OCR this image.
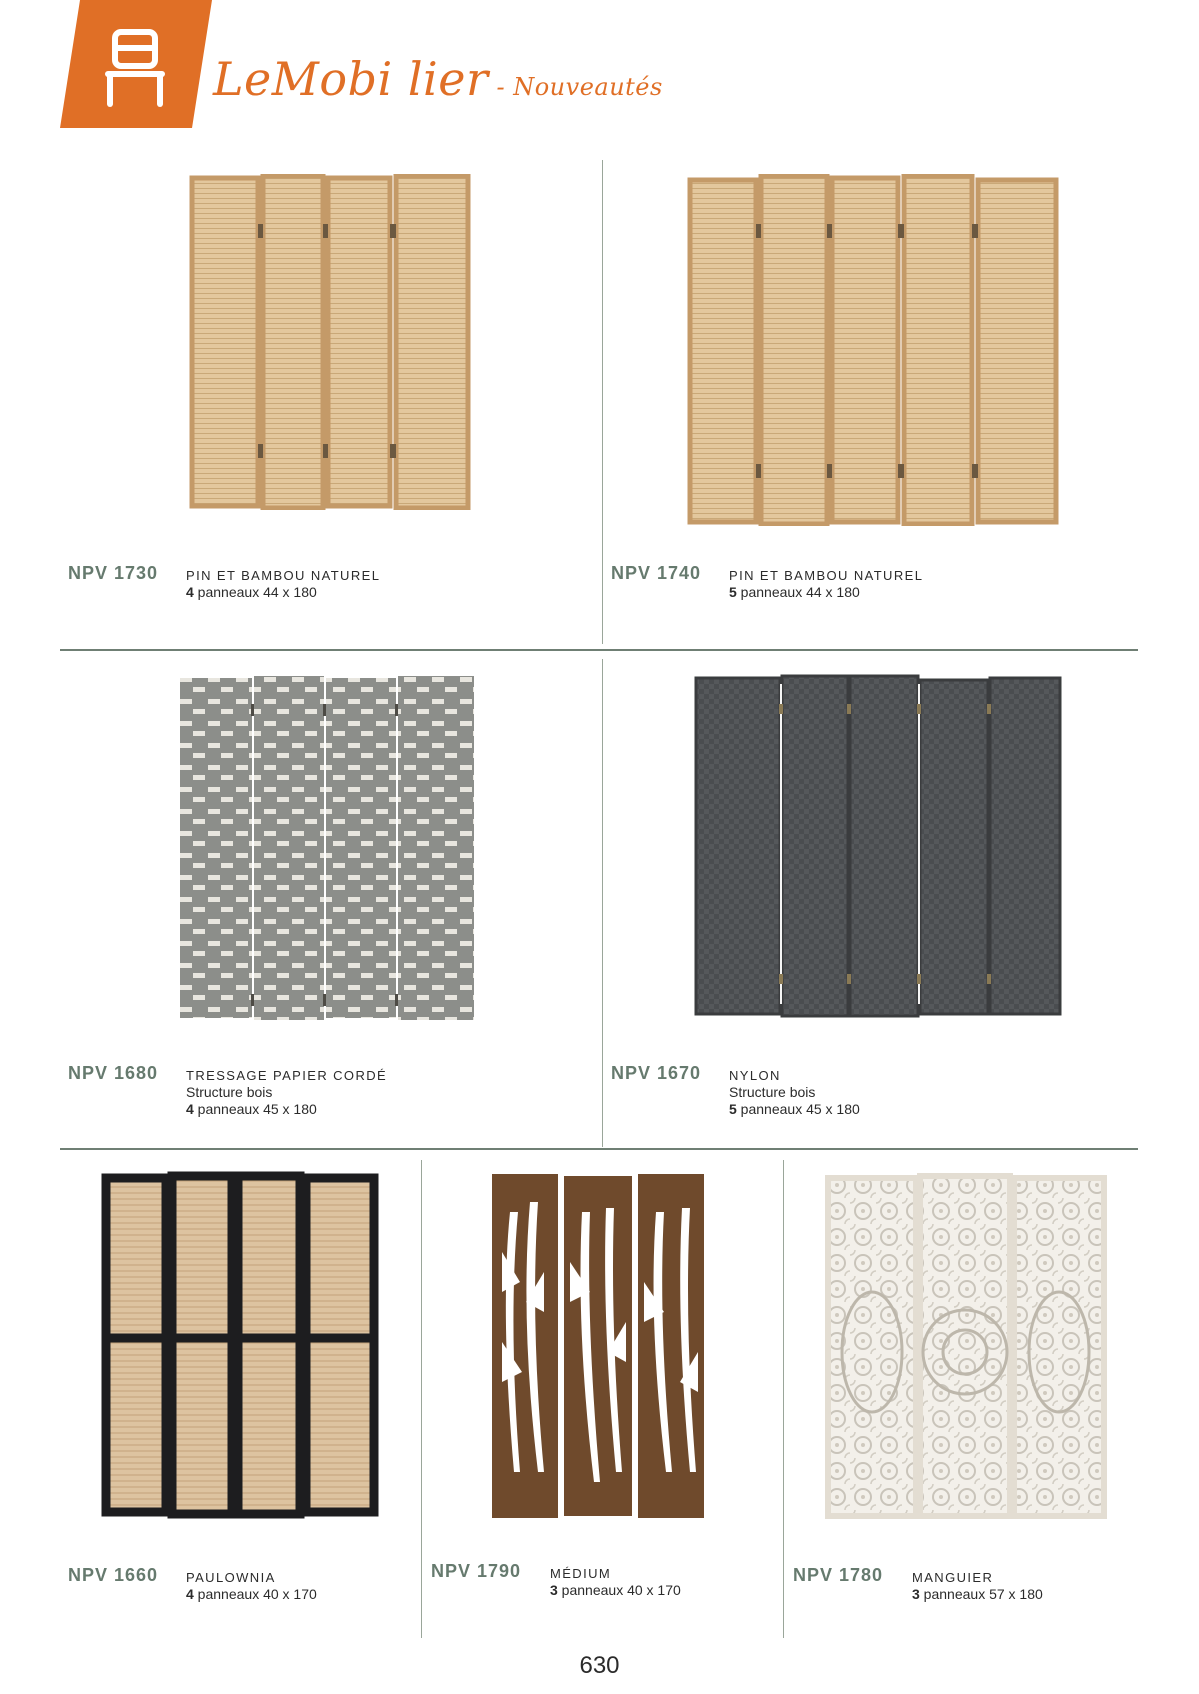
LeMobi lier - Nouveautés
NPV 1730 PIN ET BAMBOU NATUREL
4 panneaux 44 x 180
NPV 1740 PIN ET BAMBOU NATUREL
5 panneaux 44 x 180
NPV 1680 TRESSAGE PAPIER CORDÉ
Structure bois
4 panneaux 45 x 180
NPV 1670 NYLON
Structure bois
5 panneaux 45 x 180
NPV 1660 PAULOWNIA
4 panneaux 40 x 170
NPV 1790 MÉDIUM
3 panneaux 40 x 170
NPV 1780 MANGUIER
3 panneaux 57 x 180
630
